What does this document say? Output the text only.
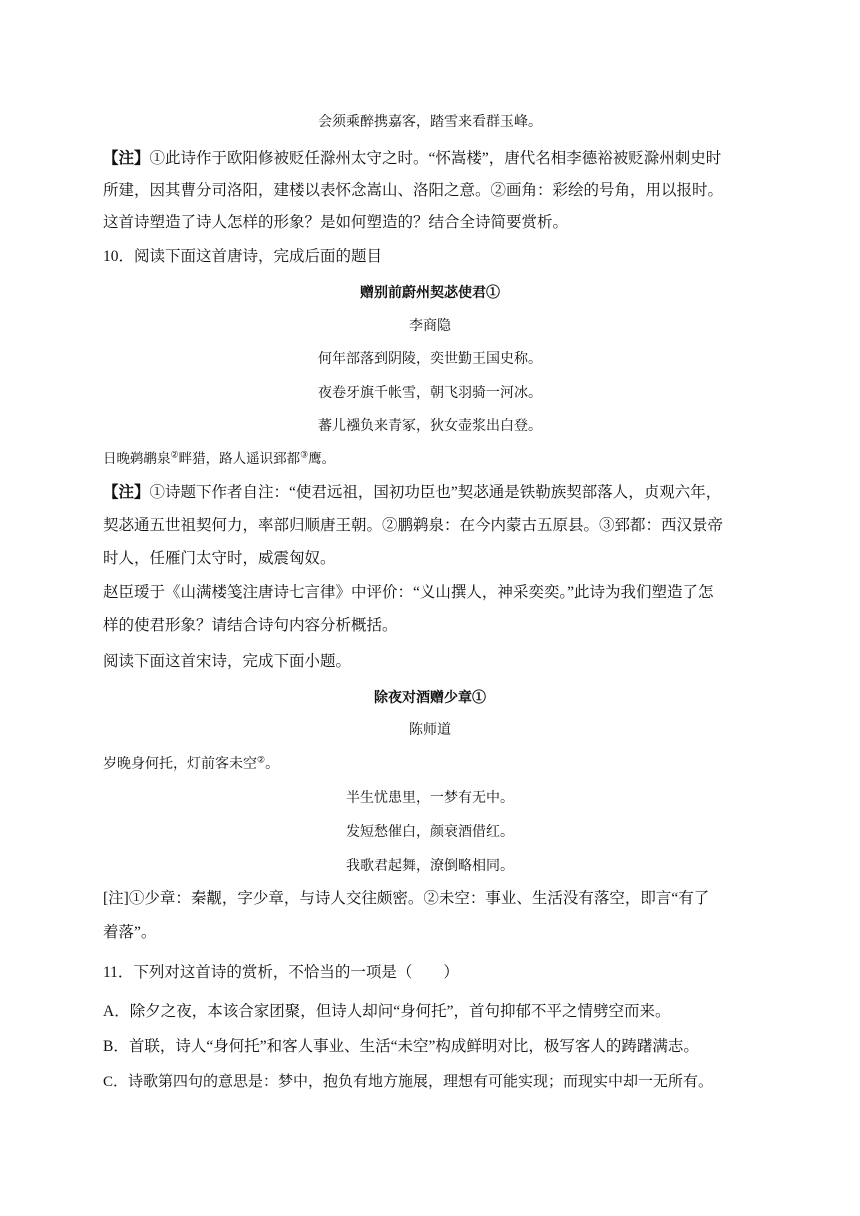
会须乘醉携嘉客，踏雪来看群玉峰。
【注】①此诗作于欧阳修被贬任滁州太守之时。“怀嵩楼”，唐代名相李德裕被贬滁州刺史时
所建，因其曹分司洛阳，建楼以表怀念嵩山、洛阳之意。②画角：彩绘的号角，用以报时。
这首诗塑造了诗人怎样的形象？是如何塑造的？结合全诗简要赏析。
10．阅读下面这首唐诗，完成后面的题目
赠别前蔚州契苾使君①
李商隐
何年部落到阴陵，奕世勤王国史称。
夜卷牙旗千帐雪，朝飞羽骑一河冰。
蕃儿襁负来青冢，狄女壶浆出白登。
日晚鹈鹕泉②畔猎，路人遥识郅都③鹰。
【注】①诗题下作者自注：“使君远祖，国初功臣也”契苾通是铁勒族契部落人，贞观六年，
契苾通五世祖契何力，率部归顺唐王朝。②鹏鹈泉：在今内蒙古五原县。③郅都：西汉景帝
时人，任雁门太守时，威震匈奴。
赵臣瑷于《山满楼笺注唐诗七言律》中评价：“义山撰人，神采奕奕。”此诗为我们塑造了怎
样的使君形象？请结合诗句内容分析概括。
阅读下面这首宋诗，完成下面小题。
除夜对酒赠少章①
陈师道
岁晚身何托，灯前客未空②。
半生忧患里，一梦有无中。
发短愁催白，颜衰酒借红。
我歌君起舞，潦倒略相同。
[注]①少章：秦觏，字少章，与诗人交往颇密。②未空：事业、生活没有落空，即言“有了
着落”。
11．下列对这首诗的赏析，不恰当的一项是（　　）
A．除夕之夜，本该合家团聚，但诗人却问“身何托”，首句抑郁不平之情劈空而来。
B．首联，诗人“身何托”和客人事业、生活“未空”构成鲜明对比，极写客人的踌躇满志。
C．诗歌第四句的意思是：梦中，抱负有地方施展，理想有可能实现；而现实中却一无所有。
